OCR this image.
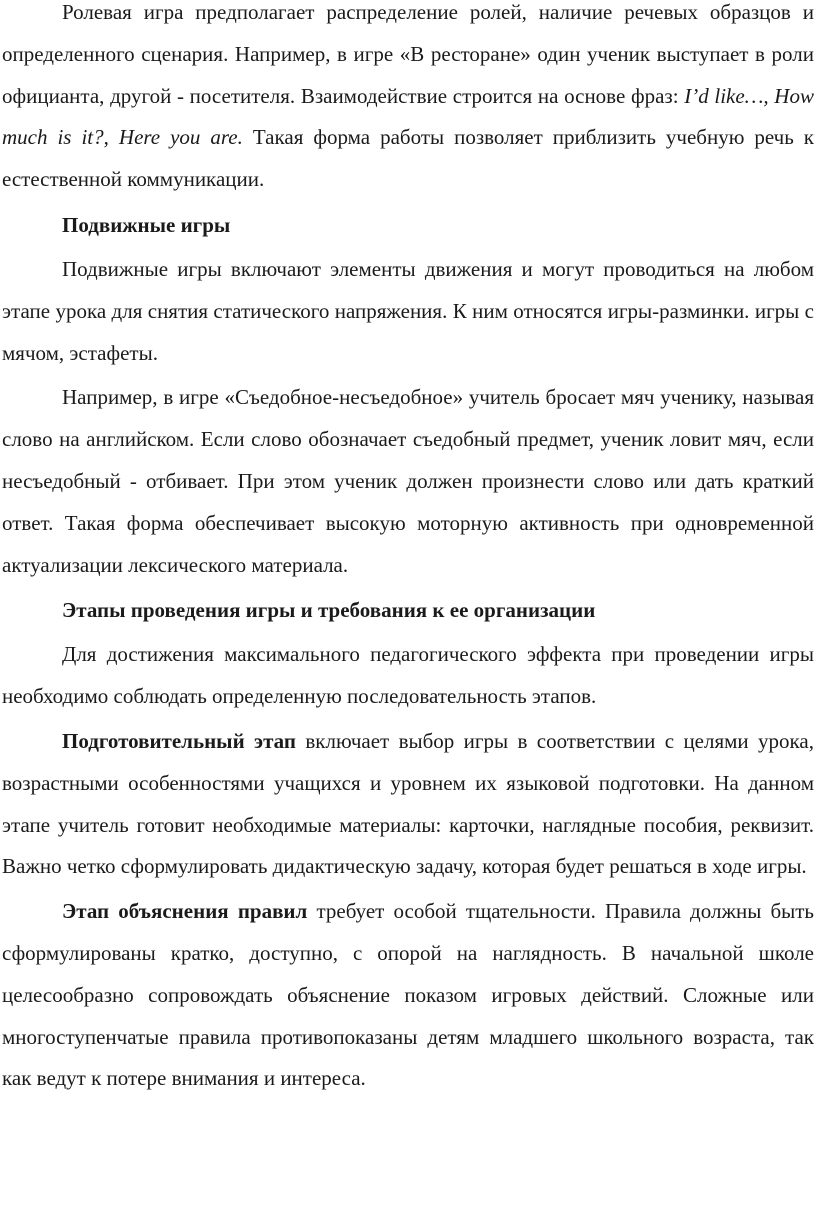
Ролевая игра предполагает распределение ролей, наличие речевых образцов и определенного сценария. Например, в игре «В ресторане» один ученик выступает в роли официанта, другой - посетителя. Взаимодействие строится на основе фраз: I’d like…, How much is it?, Here you are. Такая форма работы позволяет приблизить учебную речь к естественной коммуникации.

Подвижные игры

Подвижные игры включают элементы движения и могут проводиться на любом этапе урока для снятия статического напряжения. К ним относятся игры-разминки. игры с мячом, эстафеты.

Например, в игре «Съедобное-несъедобное» учитель бросает мяч ученику, называя слово на английском. Если слово обозначает съедобный предмет, ученик ловит мяч, если несъедобный - отбивает. При этом ученик должен произнести слово или дать краткий ответ. Такая форма обеспечивает высокую моторную активность при одновременной актуализации лексического материала.

Этапы проведения игры и требования к ее организации

Для достижения максимального педагогического эффекта при проведении игры необходимо соблюдать определенную последовательность этапов.

Подготовительный этап включает выбор игры в соответствии с целями урока, возрастными особенностями учащихся и уровнем их языковой подготовки. На данном этапе учитель готовит необходимые материалы: карточки, наглядные пособия, реквизит. Важно четко сформулировать дидактическую задачу, которая будет решаться в ходе игры.

Этап объяснения правил требует особой тщательности. Правила должны быть сформулированы кратко, доступно, с опорой на наглядность. В начальной школе целесообразно сопровождать объяснение показом игровых действий. Сложные или многоступенчатые правила противопоказаны детям младшего школьного возраста, так как ведут к потере внимания и интереса.
